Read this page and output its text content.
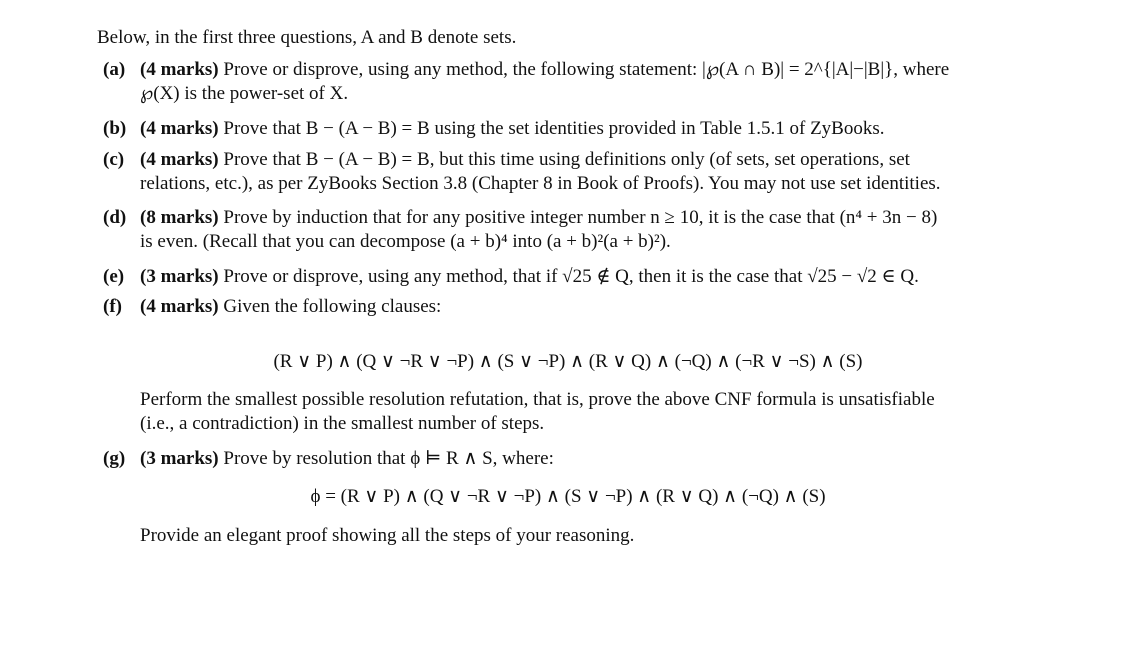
Below, in the first three questions, A and B denote sets.
(a) (4 marks) Prove or disprove, using any method, the following statement: |℘(A ∩ B)| = 2^{|A|−|B|}, where
℘(X) is the power-set of X.
(b) (4 marks) Prove that B − (A − B) = B using the set identities provided in Table 1.5.1 of ZyBooks.
(c) (4 marks) Prove that B − (A − B) = B, but this time using definitions only (of sets, set operations, set
relations, etc.), as per ZyBooks Section 3.8 (Chapter 8 in Book of Proofs). You may not use set identities.
(d) (8 marks) Prove by induction that for any positive integer number n ≥ 10, it is the case that (n⁴ + 3n − 8)
is even. (Recall that you can decompose (a + b)⁴ into (a + b)²(a + b)²).
(e) (3 marks) Prove or disprove, using any method, that if √25 ∉ Q, then it is the case that √25 − √2 ∈ Q.
(f) (4 marks) Given the following clauses:
(R ∨ P) ∧ (Q ∨ ¬R ∨ ¬P) ∧ (S ∨ ¬P) ∧ (R ∨ Q) ∧ (¬Q) ∧ (¬R ∨ ¬S) ∧ (S)
Perform the smallest possible resolution refutation, that is, prove the above CNF formula is unsatisfiable
(i.e., a contradiction) in the smallest number of steps.
(g) (3 marks) Prove by resolution that ϕ ⊨ R ∧ S, where:
ϕ = (R ∨ P) ∧ (Q ∨ ¬R ∨ ¬P) ∧ (S ∨ ¬P) ∧ (R ∨ Q) ∧ (¬Q) ∧ (S)
Provide an elegant proof showing all the steps of your reasoning.
